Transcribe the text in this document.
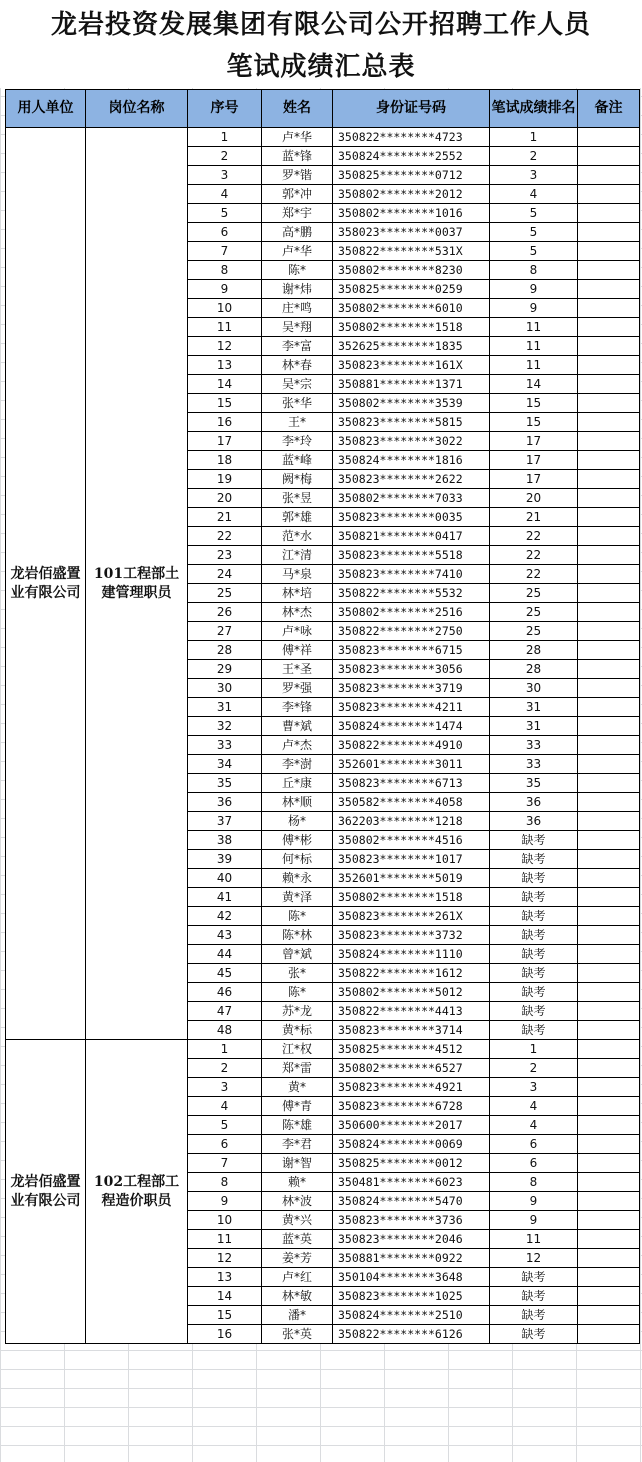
龙岩投资发展集团有限公司公开招聘工作人员
笔试成绩汇总表
用人单位	岗位名称	序号	姓名	身份证号码	笔试成绩排名	备注
龙岩佰盛置业有限公司	101工程部土建管理职员	1	卢*华	350822********4723	1	
		2	蓝*锋	350824********2552	2	
		3	罗*锴	350825********0712	3	
		4	郭*冲	350802********2012	4	
		5	郑*宇	350802********1016	5	
		6	高*鹏	358023********0037	5	
		7	卢*华	350822********531X	5	
		8	陈*	350802********8230	8	
		9	谢*炜	350825********0259	9	
		10	庄*鸣	350802********6010	9	
		11	吴*翔	350802********1518	11	
		12	李*富	352625********1835	11	
		13	林*春	350823********161X	11	
		14	吴*宗	350881********1371	14	
		15	张*华	350802********3539	15	
		16	王*	350823********5815	15	
		17	李*玲	350823********3022	17	
		18	蓝*峰	350824********1816	17	
		19	阙*梅	350823********2622	17	
		20	张*昱	350802********7033	20	
		21	郭*雄	350823********0035	21	
		22	范*水	350821********0417	22	
		23	江*清	350823********5518	22	
		24	马*泉	350823********7410	22	
		25	林*培	350822********5532	25	
		26	林*杰	350802********2516	25	
		27	卢*咏	350822********2750	25	
		28	傅*祥	350823********6715	28	
		29	王*圣	350823********3056	28	
		30	罗*强	350823********3719	30	
		31	李*锋	350823********4211	31	
		32	曹*斌	350824********1474	31	
		33	卢*杰	350822********4910	33	
		34	李*澍	352601********3011	33	
		35	丘*康	350823********6713	35	
		36	林*顺	350582********4058	36	
		37	杨*	362203********1218	36	
		38	傅*彬	350802********4516	缺考	
		39	何*标	350823********1017	缺考	
		40	赖*永	352601********5019	缺考	
		41	黄*泽	350802********1518	缺考	
		42	陈*	350823********261X	缺考	
		43	陈*林	350823********3732	缺考	
		44	曾*斌	350824********1110	缺考	
		45	张*	350822********1612	缺考	
		46	陈*	350802********5012	缺考	
		47	苏*龙	350822********4413	缺考	
		48	黄*标	350823********3714	缺考	
龙岩佰盛置业有限公司	102工程部工程造价职员	1	江*权	350825********4512	1	
		2	郑*雷	350802********6527	2	
		3	黄*	350823********4921	3	
		4	傅*青	350823********6728	4	
		5	陈*雄	350600********2017	4	
		6	李*君	350824********0069	6	
		7	谢*智	350825********0012	6	
		8	赖*	350481********6023	8	
		9	林*波	350824********5470	9	
		10	黄*兴	350823********3736	9	
		11	蓝*英	350823********2046	11	
		12	姜*芳	350881********0922	12	
		13	卢*红	350104********3648	缺考	
		14	林*敏	350823********1025	缺考	
		15	潘*	350824********2510	缺考	
		16	张*英	350822********6126	缺考	
